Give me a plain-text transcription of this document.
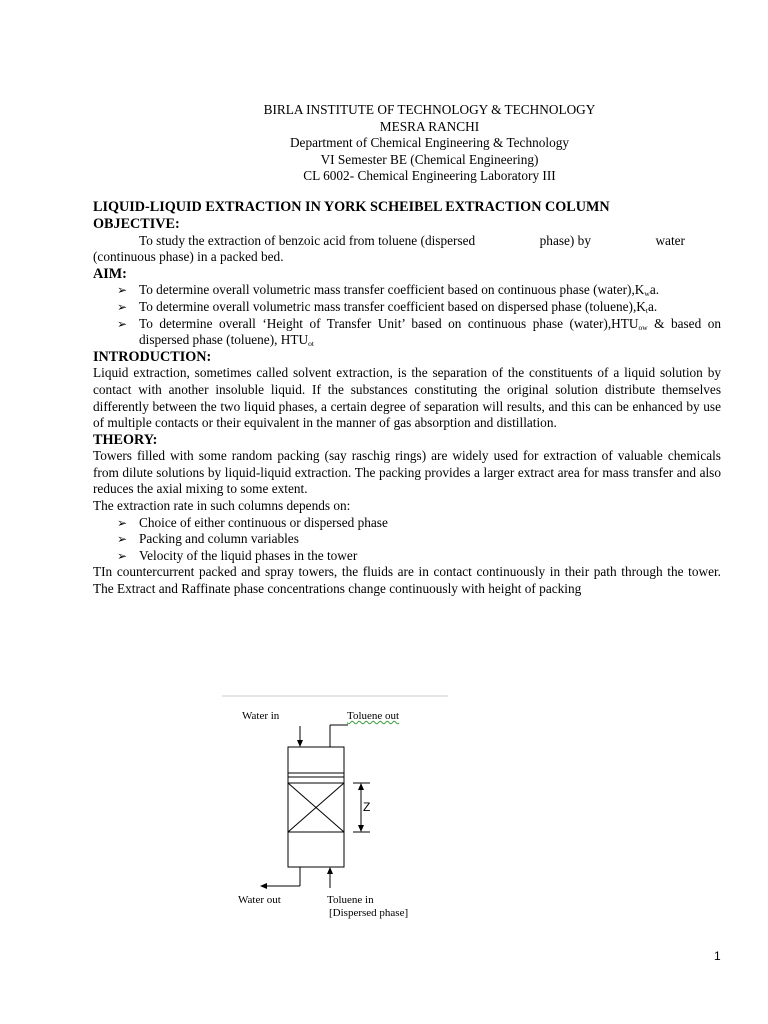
BIRLA INSTITUTE OF TECHNOLOGY & TECHNOLOGY
MESRA RANCHI
Department of Chemical Engineering & Technology
VI Semester BE (Chemical Engineering)
CL 6002- Chemical Engineering Laboratory III
LIQUID-LIQUID EXTRACTION IN YORK SCHEIBEL EXTRACTION COLUMN
OBJECTIVE:
To study the extraction of benzoic acid from toluene (dispersed	phase) by	water
(continuous phase) in a packed bed.
AIM:
➢ To determine overall volumetric mass transfer coefficient based on continuous phase $(water),K_wa$.
➢ To determine overall volumetric mass transfer coefficient based on dispersed phase $(toluene),K_ta$.
➢ To determine overall ‘Height of Transfer Unit’ based on continuous phase $(water),HTU_{ow}$ & based on dispersed phase (toluene), $HTU_{ot}$
INTRODUCTION:
Liquid extraction, sometimes called solvent extraction, is the separation of the constituents of a liquid solution by contact with another insoluble liquid. If the substances constituting the original solution distribute themselves differently between the two liquid phases, a certain degree of separation will results, and this can be enhanced by use of multiple contacts or their equivalent in the manner of gas absorption and distillation.
THEORY:
Towers filled with some random packing (say raschig rings) are widely used for extraction of valuable chemicals from dilute solutions by liquid-liquid extraction. The packing provides a larger extract area for mass transfer and also reduces the axial mixing to some extent.
The extraction rate in such columns depends on:
➢ Choice of either continuous or dispersed phase
➢ Packing and column variables
➢ Velocity of the liquid phases in the tower
TIn countercurrent packed and spray towers, the fluids are in contact continuously in their path through the tower. The Extract and Raffinate phase concentrations change continuously with height of packing
Water in	Toluene out
Z
Water out	Toluene in
[Dispersed phase]
1
